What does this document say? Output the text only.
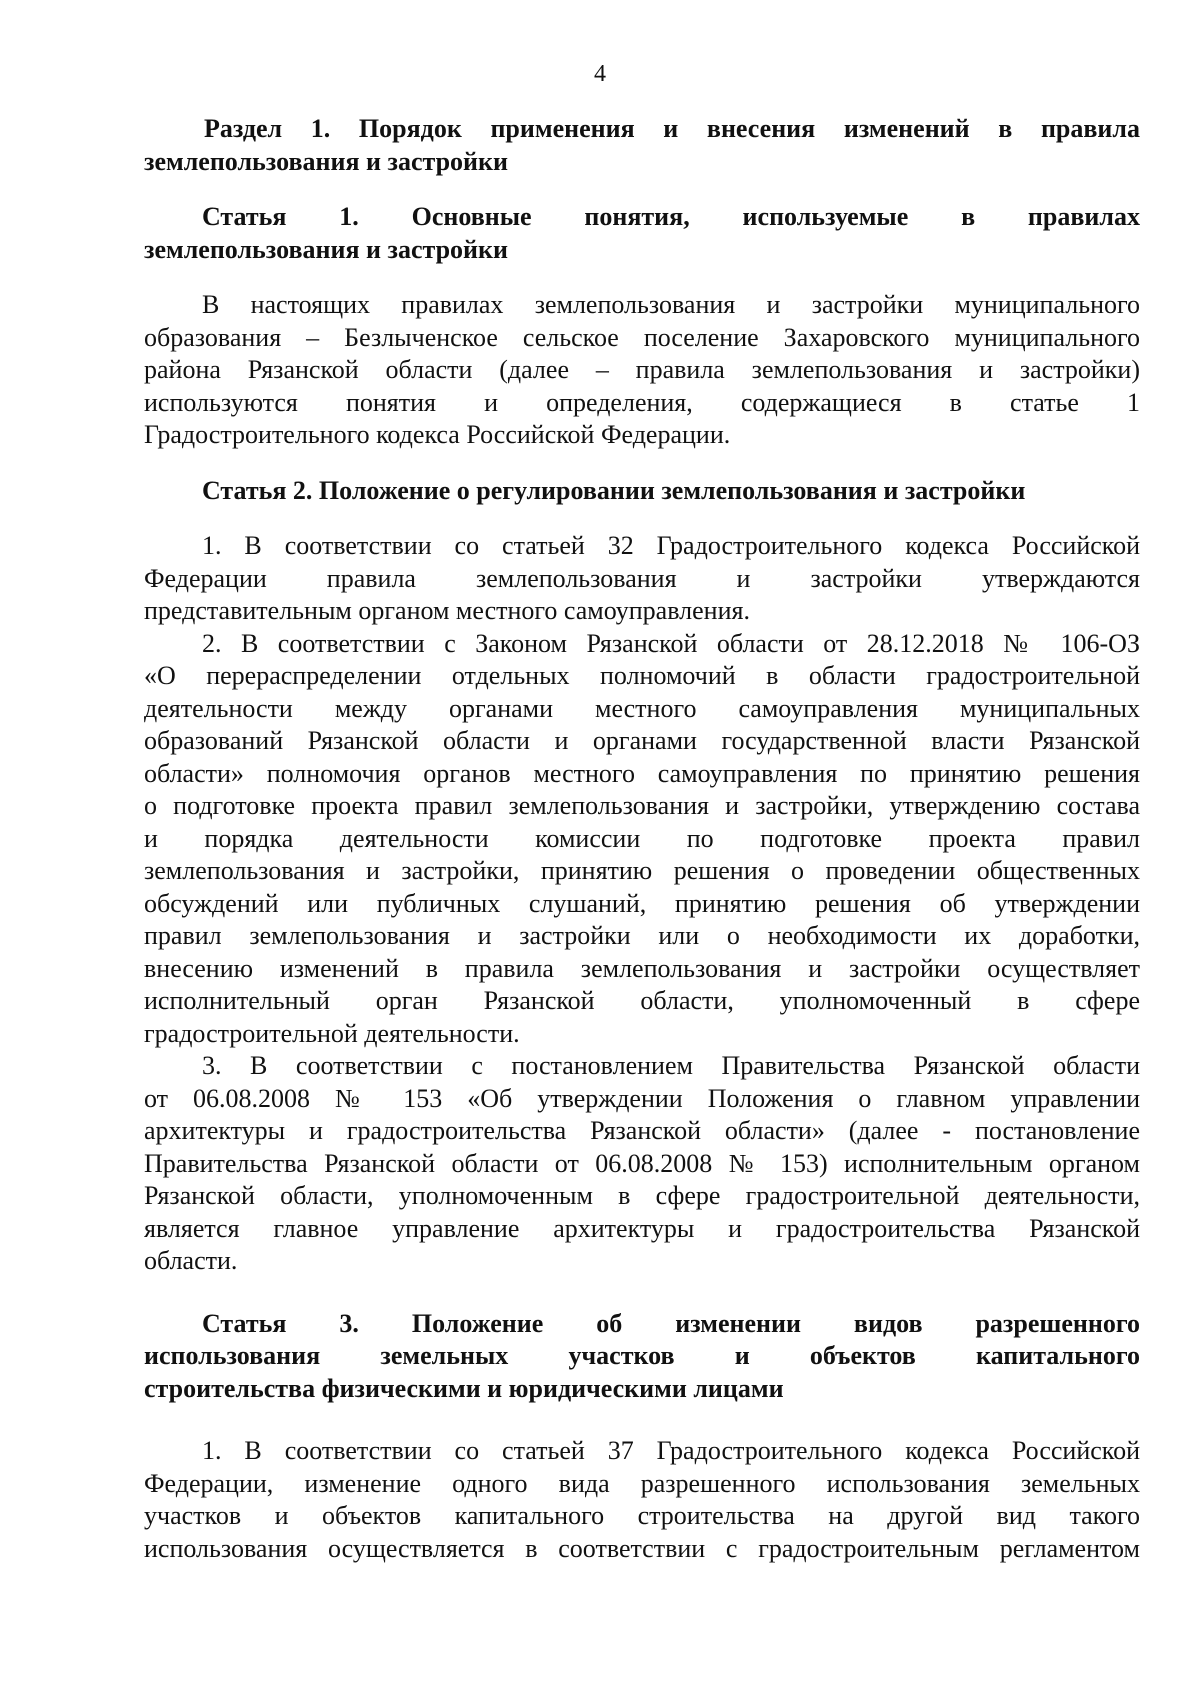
4
Раздел 1. Порядок применения и внесения изменений в правила
землепользования и застройки
Статья 1. Основные понятия, используемые в правилах
землепользования и застройки
В настоящих правилах землепользования и застройки муниципального
образования – Безлыченское сельское поселение Захаровского муниципального
района Рязанской области (далее – правила землепользования и застройки)
используются понятия и определения, содержащиеся в статье 1
Градостроительного кодекса Российской Федерации.
Статья 2. Положение о регулировании землепользования и застройки
1. В соответствии со статьей 32 Градостроительного кодекса Российской
Федерации правила землепользования и застройки утверждаются
представительным органом местного самоуправления.
2. В соответствии с Законом Рязанской области от 28.12.2018 № 106-ОЗ
«О перераспределении отдельных полномочий в области градостроительной
деятельности между органами местного самоуправления муниципальных
образований Рязанской области и органами государственной власти Рязанской
области» полномочия органов местного самоуправления по принятию решения
о подготовке проекта правил землепользования и застройки, утверждению состава
и порядка деятельности комиссии по подготовке проекта правил
землепользования и застройки, принятию решения о проведении общественных
обсуждений или публичных слушаний, принятию решения об утверждении
правил землепользования и застройки или о необходимости их доработки,
внесению изменений в правила землепользования и застройки осуществляет
исполнительный орган Рязанской области, уполномоченный в сфере
градостроительной деятельности.
3. В соответствии с постановлением Правительства Рязанской области
от 06.08.2008 № 153 «Об утверждении Положения о главном управлении
архитектуры и градостроительства Рязанской области» (далее - постановление
Правительства Рязанской области от 06.08.2008 № 153) исполнительным органом
Рязанской области, уполномоченным в сфере градостроительной деятельности,
является главное управление архитектуры и градостроительства Рязанской
области.
Статья 3. Положение об изменении видов разрешенного
использования земельных участков и объектов капитального
строительства физическими и юридическими лицами
1. В соответствии со статьей 37 Градостроительного кодекса Российской
Федерации, изменение одного вида разрешенного использования земельных
участков и объектов капитального строительства на другой вид такого
использования осуществляется в соответствии с градостроительным регламентом
